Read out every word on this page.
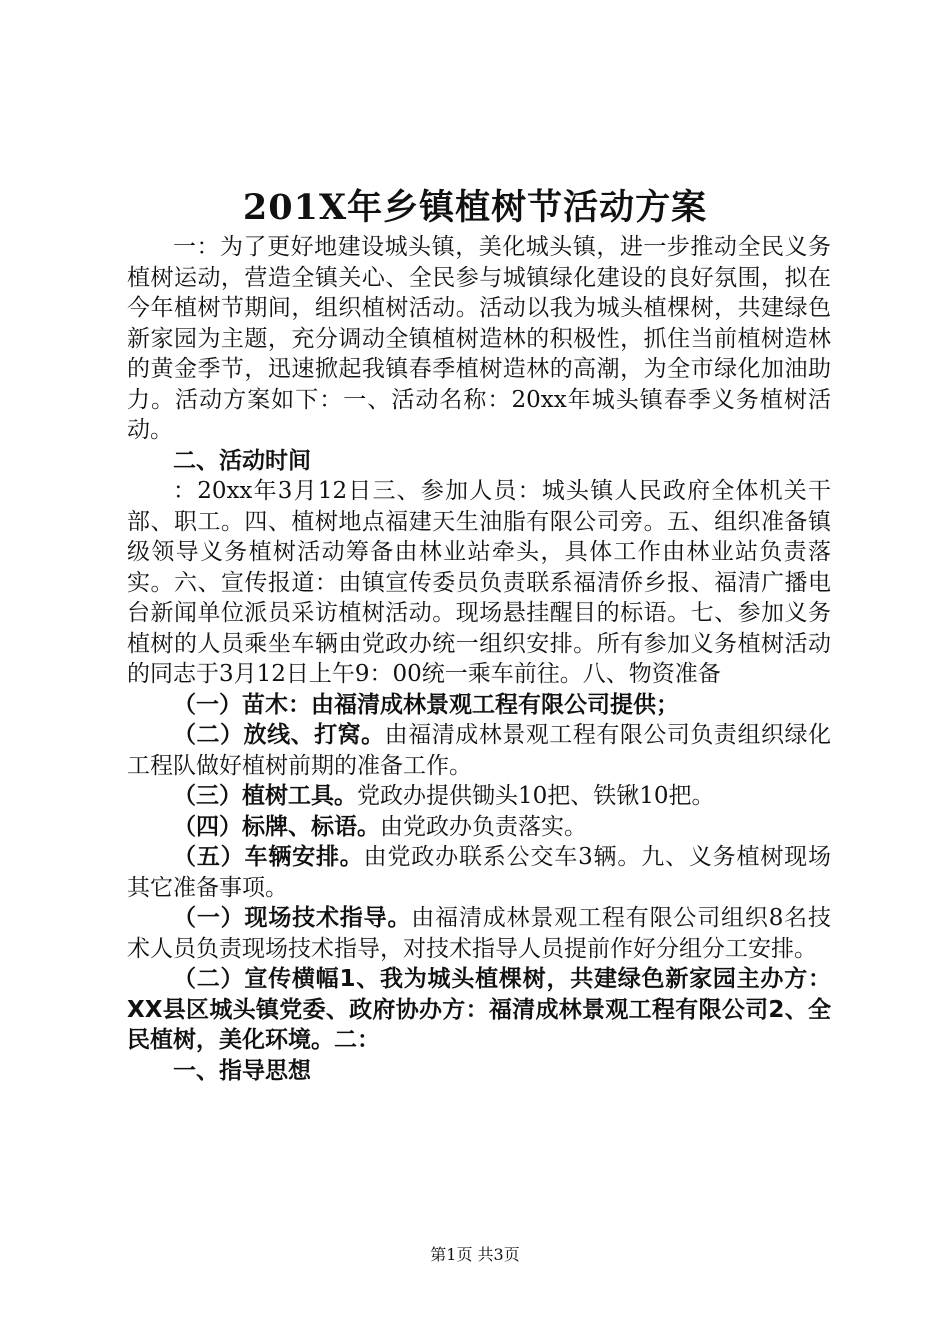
201X年乡镇植树节活动方案

一：为了更好地建设城头镇，美化城头镇，进一步推动全民义务植树运动，营造全镇关心、全民参与城镇绿化建设的良好氛围，拟在今年植树节期间，组织植树活动。活动以我为城头植棵树，共建绿色新家园为主题，充分调动全镇植树造林的积极性，抓住当前植树造林的黄金季节，迅速掀起我镇春季植树造林的高潮，为全市绿化加油助力。活动方案如下：一、活动名称：20xx年城头镇春季义务植树活动。

二、活动时间

：20xx年3月12日三、参加人员：城头镇人民政府全体机关干部、职工。四、植树地点福建天生油脂有限公司旁。五、组织准备镇级领导义务植树活动筹备由林业站牵头，具体工作由林业站负责落实。六、宣传报道：由镇宣传委员负责联系福清侨乡报、福清广播电台新闻单位派员采访植树活动。现场悬挂醒目的标语。七、参加义务植树的人员乘坐车辆由党政办统一组织安排。所有参加义务植树活动的同志于3月12日上午9：00统一乘车前往。八、物资准备

（一）苗木：由福清成林景观工程有限公司提供；

（二）放线、打窝。由福清成林景观工程有限公司负责组织绿化工程队做好植树前期的准备工作。

（三）植树工具。党政办提供锄头10把、铁锹10把。

（四）标牌、标语。由党政办负责落实。

（五）车辆安排。由党政办联系公交车3辆。九、义务植树现场其它准备事项。

（一）现场技术指导。由福清成林景观工程有限公司组织8名技术人员负责现场技术指导，对技术指导人员提前作好分组分工安排。

（二）宣传横幅1、我为城头植棵树，共建绿色新家园主办方：XX县区城头镇党委、政府协办方：福清成林景观工程有限公司2、全民植树，美化环境。二：

一、指导思想

第1页 共3页
